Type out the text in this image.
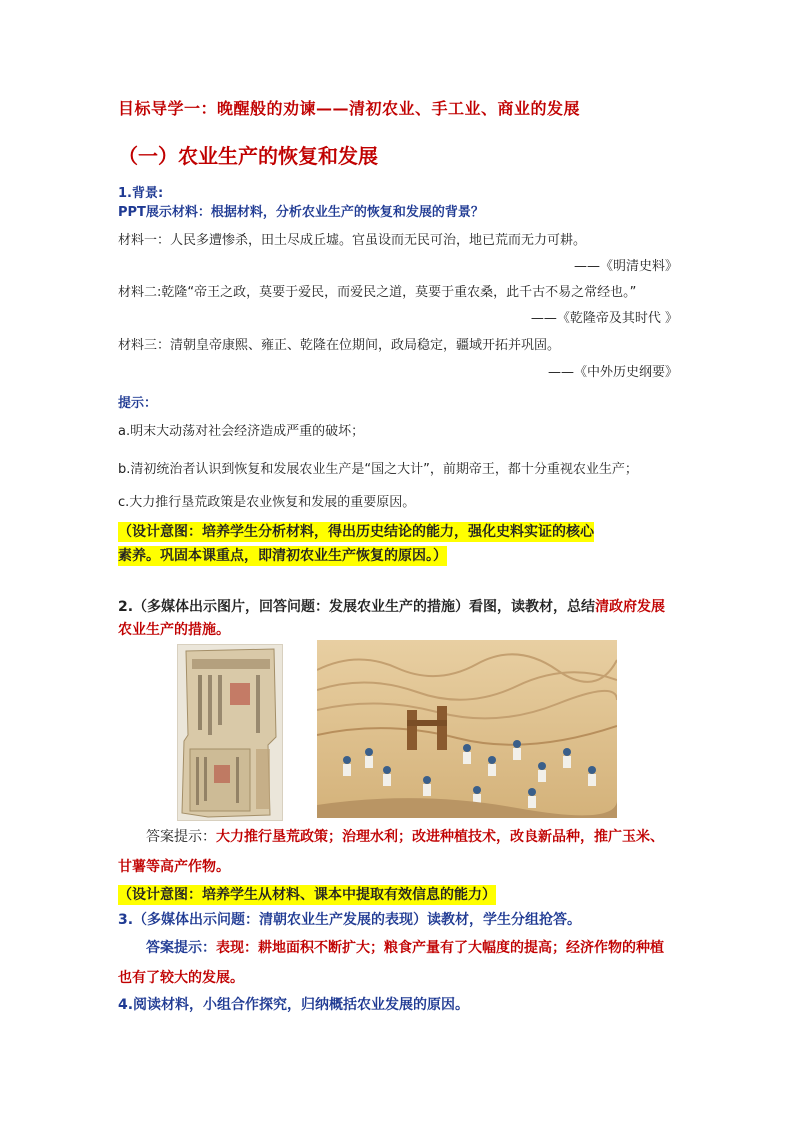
目标导学一：晚醒般的劝谏——清初农业、手工业、商业的发展
（一）农业生产的恢复和发展
1.背景:
PPT展示材料：根据材料，分析农业生产的恢复和发展的背景？
材料一：人民多遭惨杀，田土尽成丘墟。官虽设而无民可治，地已荒而无力可耕。
——《明清史料》
材料二:乾隆“帝王之政，莫要于爱民，而爱民之道，莫要于重农桑，此千古不易之常经也。”
——《乾隆帝及其时代 》
材料三：清朝皇帝康熙、雍正、乾隆在位期间，政局稳定，疆域开拓并巩固。
——《中外历史纲要》
提示：
a.明末大动荡对社会经济造成严重的破坏；
b.清初统治者认识到恢复和发展农业生产是“国之大计”，前期帝王，都十分重视农业生产；
c.大力推行垦荒政策是农业恢复和发展的重要原因。
（设计意图：培养学生分析材料，得出历史结论的能力，强化史料实证的核心
素养。巩固本课重点，即清初农业生产恢复的原因。）
2.（多媒体出示图片，回答问题：发展农业生产的措施）看图，读教材，总结清政府发展
农业生产的措施。
答案提示：大力推行垦荒政策；治理水利；改进种植技术，改良新品种，推广玉米、
甘薯等高产作物。
（设计意图：培养学生从材料、课本中提取有效信息的能力）
3.（多媒体出示问题：清朝农业生产发展的表现）读教材，学生分组抢答。
答案提示：表现：耕地面积不断扩大；粮食产量有了大幅度的提高；经济作物的种植
也有了较大的发展。
4.阅读材料，小组合作探究，归纳概括农业发展的原因。
